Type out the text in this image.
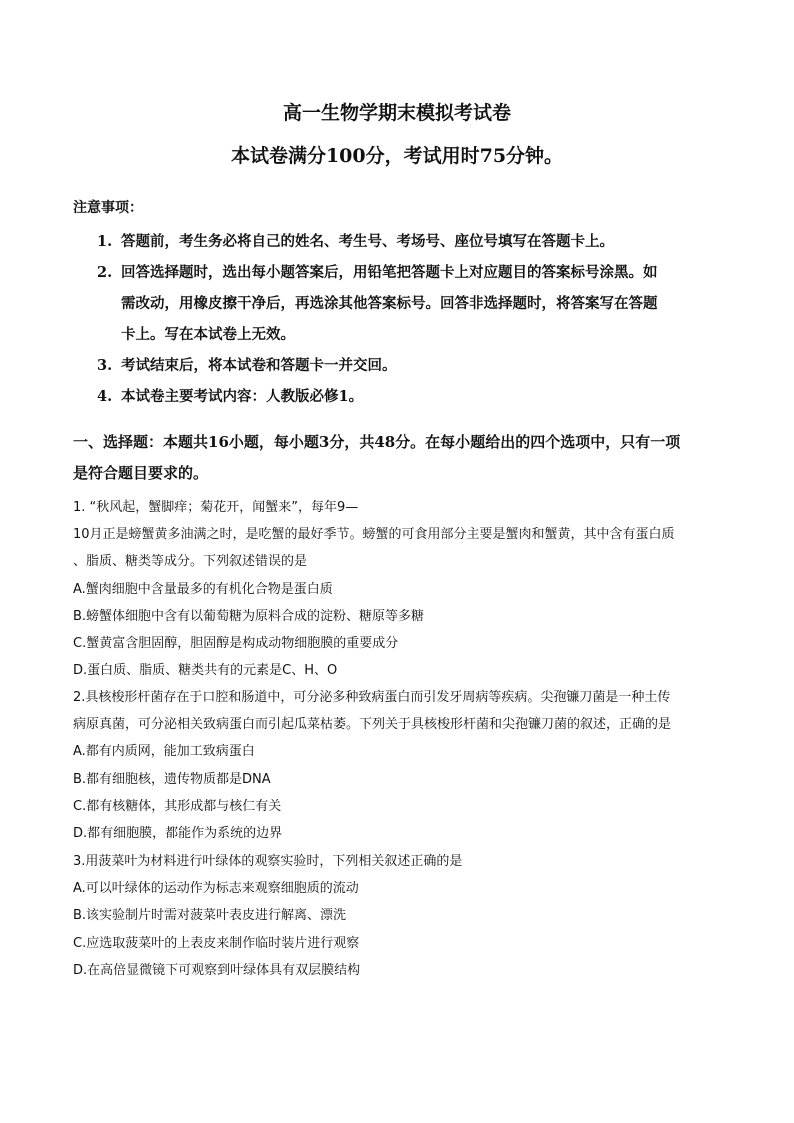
高一生物学期末模拟考试卷
本试卷满分100分，考试用时75分钟。
注意事项：
1. 答题前，考生务必将自己的姓名、考生号、考场号、座位号填写在答题卡上。
2. 回答选择题时，选出每小题答案后，用铅笔把答题卡上对应题目的答案标号涂黑。如
需改动，用橡皮擦干净后，再选涂其他答案标号。回答非选择题时，将答案写在答题
卡上。写在本试卷上无效。
3. 考试结束后，将本试卷和答题卡一并交回。
4. 本试卷主要考试内容：人教版必修1。
一、选择题：本题共16小题，每小题3分，共48分。在每小题给出的四个选项中，只有一项
是符合题目要求的。
1. “秋风起，蟹脚痒；菊花开，闻蟹来”，每年9—
10月正是螃蟹黄多油满之时，是吃蟹的最好季节。螃蟹的可食用部分主要是蟹肉和蟹黄，其中含有蛋白质
、脂质、糖类等成分。下列叙述错误的是
A.蟹肉细胞中含量最多的有机化合物是蛋白质
B.螃蟹体细胞中含有以葡萄糖为原料合成的淀粉、糖原等多糖
C.蟹黄富含胆固醇，胆固醇是构成动物细胞膜的重要成分
D.蛋白质、脂质、糖类共有的元素是C、H、O
2.具核梭形杆菌存在于口腔和肠道中，可分泌多种致病蛋白而引发牙周病等疾病。尖孢镰刀菌是一种土传
病原真菌，可分泌相关致病蛋白而引起瓜菜枯萎。下列关于具核梭形杆菌和尖孢镰刀菌的叙述，正确的是
A.都有内质网，能加工致病蛋白
B.都有细胞核，遗传物质都是DNA
C.都有核糖体，其形成都与核仁有关
D.都有细胞膜，都能作为系统的边界
3.用菠菜叶为材料进行叶绿体的观察实验时，下列相关叙述正确的是
A.可以叶绿体的运动作为标志来观察细胞质的流动
B.该实验制片时需对菠菜叶表皮进行解离、漂洗
C.应选取菠菜叶的上表皮来制作临时装片进行观察
D.在高倍显微镜下可观察到叶绿体具有双层膜结构
